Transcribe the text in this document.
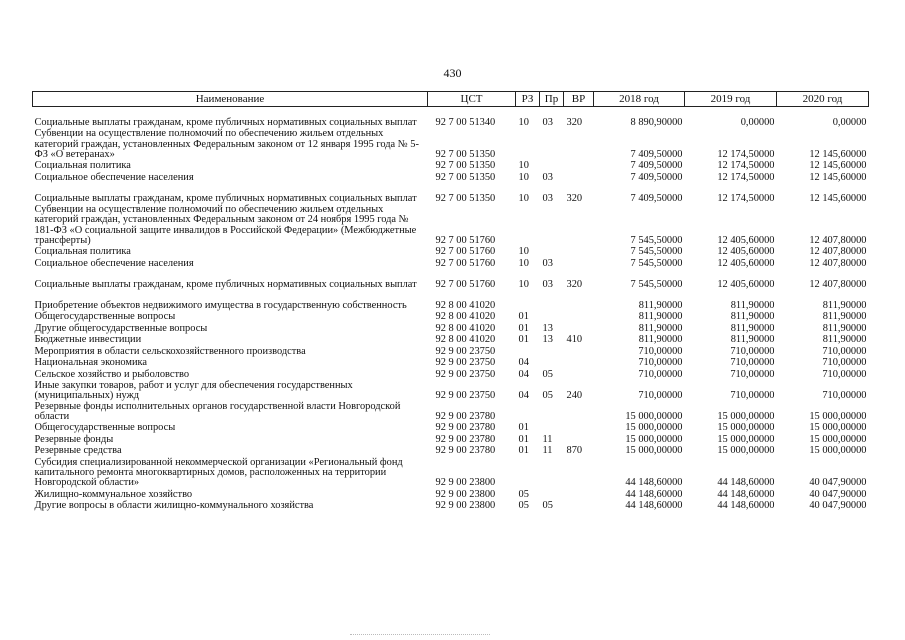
430
Наименование	ЦСТ	РЗ	Пр	ВР	2018 год	2019 год	2020 год
Социальные выплаты гражданам, кроме публичных нормативных социальных выплат	92 7 00 51340	10	03	320	8 890,90000	0,00000	0,00000
Субвенции на осуществление полномочий по обеспечению жильем отдельных категорий граждан, установленных Федеральным законом от 12 января 1995 года № 5-ФЗ «О ветеранах»	92 7 00 51350				7 409,50000	12 174,50000	12 145,60000
Социальная политика	92 7 00 51350	10			7 409,50000	12 174,50000	12 145,60000
Социальное обеспечение населения	92 7 00 51350	10	03		7 409,50000	12 174,50000	12 145,60000
Социальные выплаты гражданам, кроме публичных нормативных социальных выплат	92 7 00 51350	10	03	320	7 409,50000	12 174,50000	12 145,60000
Субвенции на осуществление полномочий по обеспечению жильем отдельных категорий граждан, установленных Федеральным законом от 24 ноября 1995 года № 181-ФЗ «О социальной защите инвалидов в Российской Федерации» (Межбюджетные трансферты)	92 7 00 51760				7 545,50000	12 405,60000	12 407,80000
Социальная политика	92 7 00 51760	10			7 545,50000	12 405,60000	12 407,80000
Социальное обеспечение населения	92 7 00 51760	10	03		7 545,50000	12 405,60000	12 407,80000
Социальные выплаты гражданам, кроме публичных нормативных социальных выплат	92 7 00 51760	10	03	320	7 545,50000	12 405,60000	12 407,80000
Приобретение объектов недвижимого имущества в государственную собственность	92 8 00 41020				811,90000	811,90000	811,90000
Общегосударственные вопросы	92 8 00 41020	01			811,90000	811,90000	811,90000
Другие общегосударственные вопросы	92 8 00 41020	01	13		811,90000	811,90000	811,90000
Бюджетные инвестиции	92 8 00 41020	01	13	410	811,90000	811,90000	811,90000
Мероприятия в области сельскохозяйственного производства	92 9 00 23750				710,00000	710,00000	710,00000
Национальная экономика	92 9 00 23750	04			710,00000	710,00000	710,00000
Сельское хозяйство и рыболовство	92 9 00 23750	04	05		710,00000	710,00000	710,00000
Иные закупки товаров, работ и услуг для обеспечения государственных (муниципальных) нужд	92 9 00 23750	04	05	240	710,00000	710,00000	710,00000
Резервные фонды исполнительных органов государственной власти Новгородской области	92 9 00 23780				15 000,00000	15 000,00000	15 000,00000
Общегосударственные вопросы	92 9 00 23780	01			15 000,00000	15 000,00000	15 000,00000
Резервные фонды	92 9 00 23780	01	11		15 000,00000	15 000,00000	15 000,00000
Резервные средства	92 9 00 23780	01	11	870	15 000,00000	15 000,00000	15 000,00000
Субсидия специализированной некоммерческой организации «Региональный фонд капитального ремонта многоквартирных домов, расположенных на территории Новгородской области»	92 9 00 23800				44 148,60000	44 148,60000	40 047,90000
Жилищно-коммунальное хозяйство	92 9 00 23800	05			44 148,60000	44 148,60000	40 047,90000
Другие вопросы в области жилищно-коммунального хозяйства	92 9 00 23800	05	05		44 148,60000	44 148,60000	40 047,90000
